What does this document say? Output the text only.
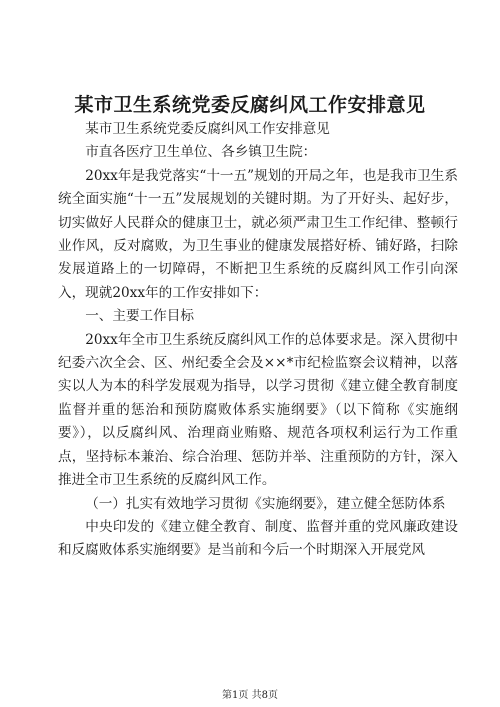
某市卫生系统党委反腐纠风工作安排意见

某市卫生系统党委反腐纠风工作安排意见

市直各医疗卫生单位、各乡镇卫生院：

20xx年是我党落实“十一五”规划的开局之年，也是我市卫生系统全面实施“十一五”发展规划的关键时期。为了开好头、起好步，切实做好人民群众的健康卫士，就必须严肃卫生工作纪律、整顿行业作风，反对腐败，为卫生事业的健康发展搭好桥、铺好路，扫除发展道路上的一切障碍，不断把卫生系统的反腐纠风工作引向深入，现就20xx年的工作安排如下：

一、主要工作目标

20xx年全市卫生系统反腐纠风工作的总体要求是。深入贯彻中纪委六次全会、区、州纪委全会及××*市纪检监察会议精神，以落实以人为本的科学发展观为指导，以学习贯彻《建立健全教育制度监督并重的惩治和预防腐败体系实施纲要》（以下简称《实施纲要》），以反腐纠风、治理商业贿赂、规范各项权利运行为工作重点，坚持标本兼治、综合治理、惩防并举、注重预防的方针，深入推进全市卫生系统的反腐纠风工作。

（一）扎实有效地学习贯彻《实施纲要》，建立健全惩防体系

中央印发的《建立健全教育、制度、监督并重的党风廉政建设和反腐败体系实施纲要》是当前和今后一个时期深入开展党风

第1页 共8页
